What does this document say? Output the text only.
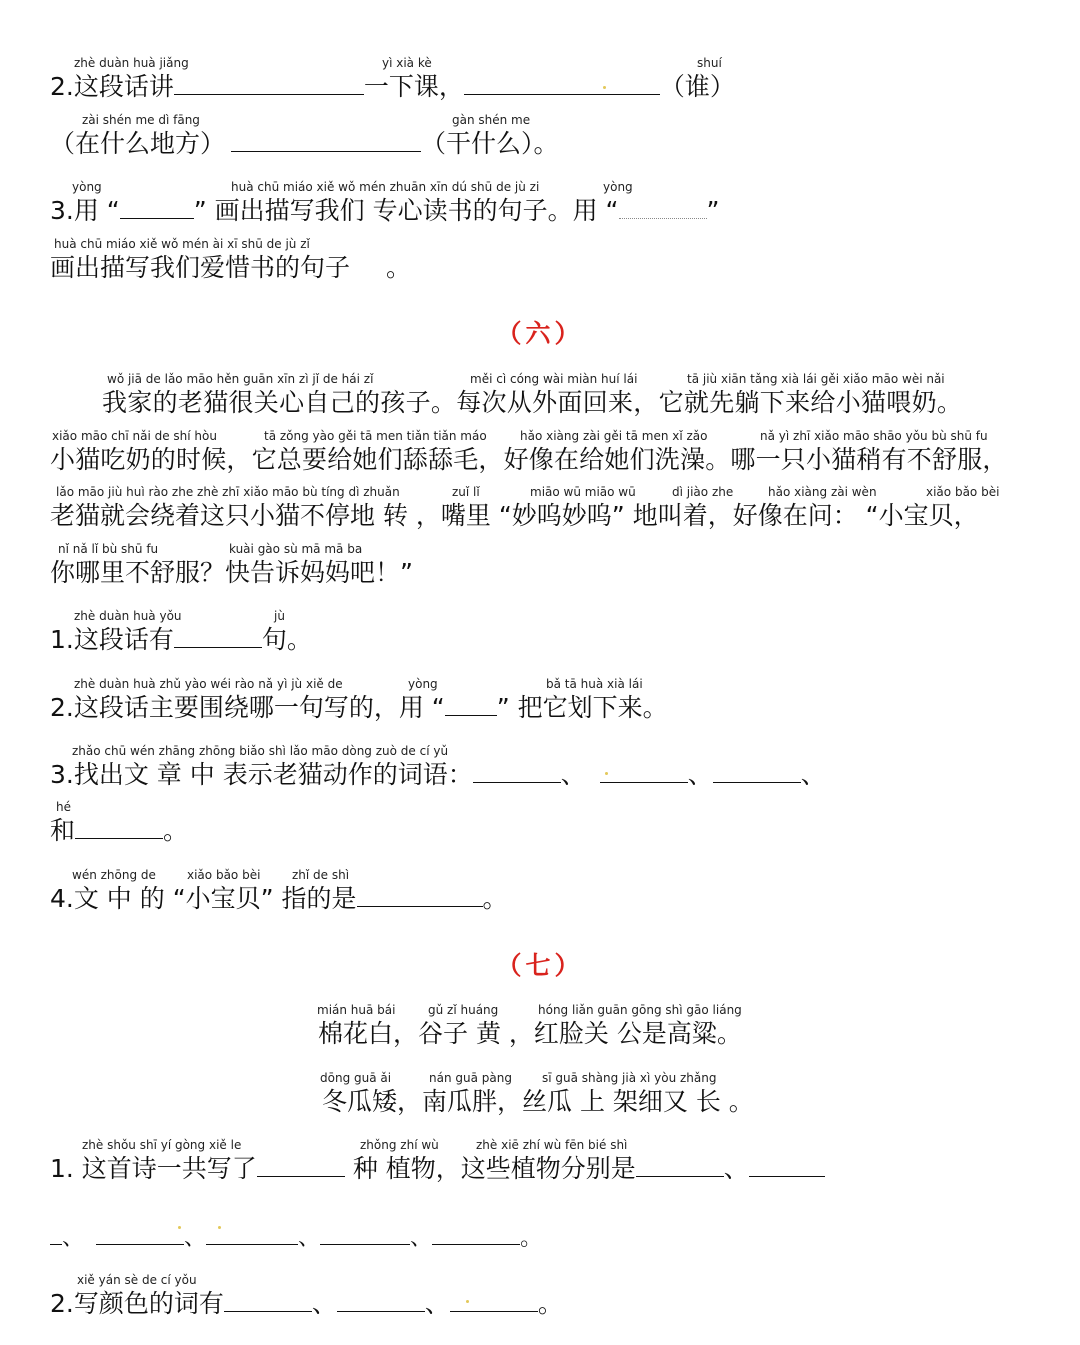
zhè duàn huà jiǎng	yì xià kè	shuí
2.这段话讲	一下课，	（谁）
zài shén me dì fāng	gàn shén me
（在什么地方）	（干什么）。
yòng	huà chū miáo xiě wǒ mén zhuān xīn dú shū de jù zi	yòng
3.用 “	” 画出描写我们 专心读书的句子。用 “	”
huà chū miáo xiě wǒ mén ài xī shū de jù zǐ
画出描写我们爱惜书的句子 。
（六）
wǒ jiā de lǎo māo hěn guān xīn zì jǐ de hái zǐ	měi cì cóng wài miàn huí lái	tā jiù xiān tǎng xià lái gěi xiǎo māo wèi nǎi
我家的老猫很关心自己的孩子。每次从外面回来，它就先躺下来给小猫喂奶。
xiǎo māo chī nǎi de shí hòu	tā zǒng yào gěi tā men tiǎn tiǎn máo	hǎo xiàng zài gěi tā men xǐ zǎo	nǎ yì zhī xiǎo māo shāo yǒu bù shū fu
小猫吃奶的时候，它总要给她们舔舔毛，好像在给她们洗澡。哪一只小猫稍有不舒服，
lǎo māo jiù huì rào zhe zhè zhī xiǎo māo bù tíng dì zhuǎn	zuǐ lǐ	miāo wū miāo wū	dì jiào zhe	hǎo xiàng zài wèn	xiǎo bǎo bèi
老猫就会绕着这只小猫不停地 转 ，嘴里 “妙呜妙呜” 地叫着，好像在问： “小宝贝，
nǐ nǎ lǐ bù shū fu	kuài gào sù mā mā ba
你哪里不舒服？快告诉妈妈吧！”
zhè duàn huà yǒu	jù
1.这段话有	句。
zhè duàn huà zhǔ yào wéi rào nǎ yì jù xiě de	yòng	bǎ tā huà xià lái
2.这段话主要围绕哪一句写的，用 “ ” 把它划下来。
zhǎo chū wén zhāng zhōng biǎo shì lǎo māo dòng zuò de cí yǔ
3.找出文 章 中 表示老猫动作的词语：	、	、	、
hé
和	。
wén zhōng de	xiǎo bǎo bèi	zhǐ de shì
4.文 中 的 “小宝贝” 指的是	。
（七）
mián huā bái	gǔ zǐ huáng	hóng liǎn guān gōng shì gāo liáng
棉花白，谷子 黄 ，红脸关 公是高粱。
dōng guā ǎi	nán guā pàng	sī guā shàng jià xì yòu zhǎng
冬瓜矮，南瓜胖，丝瓜 上 架细又 长 。
zhè shǒu shī yí gòng xiě le	zhǒng zhí wù	zhè xiē zhí wù fēn bié shì
1. 这首诗一共写了	种 植物，这些植物分别是	、
、	、	、	、	。
xiě yán sè de cí yǒu
2.写颜色的词有	、	、	。
